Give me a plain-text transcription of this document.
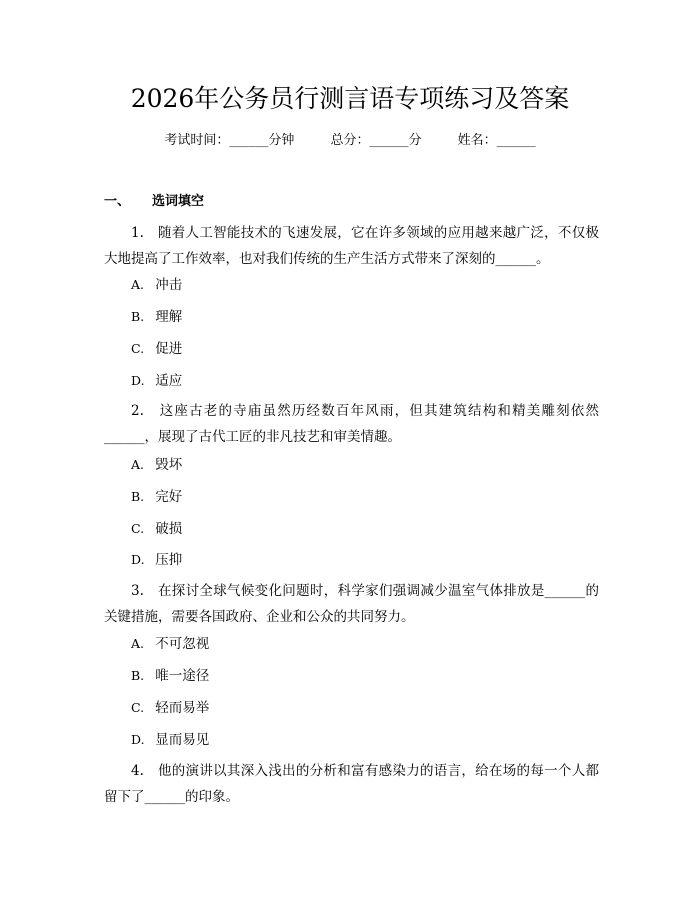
2026年公务员行测言语专项练习及答案
考试时间：______分钟	总分：______分	姓名：______
一、 选词填空
1.　随着人工智能技术的飞速发展，它在许多领域的应用越来越广泛，不仅极大地提高了工作效率，也对我们传统的生产生活方式带来了深刻的______。
A. 冲击
B. 理解
C. 促进
D. 适应
2.　这座古老的寺庙虽然历经数百年风雨，但其建筑结构和精美雕刻依然______，展现了古代工匠的非凡技艺和审美情趣。
A. 毁坏
B. 完好
C. 破损
D. 压抑
3.　在探讨全球气候变化问题时，科学家们强调减少温室气体排放是______的关键措施，需要各国政府、企业和公众的共同努力。
A. 不可忽视
B. 唯一途径
C. 轻而易举
D. 显而易见
4.　他的演讲以其深入浅出的分析和富有感染力的语言，给在场的每一个人都留下了______的印象。
